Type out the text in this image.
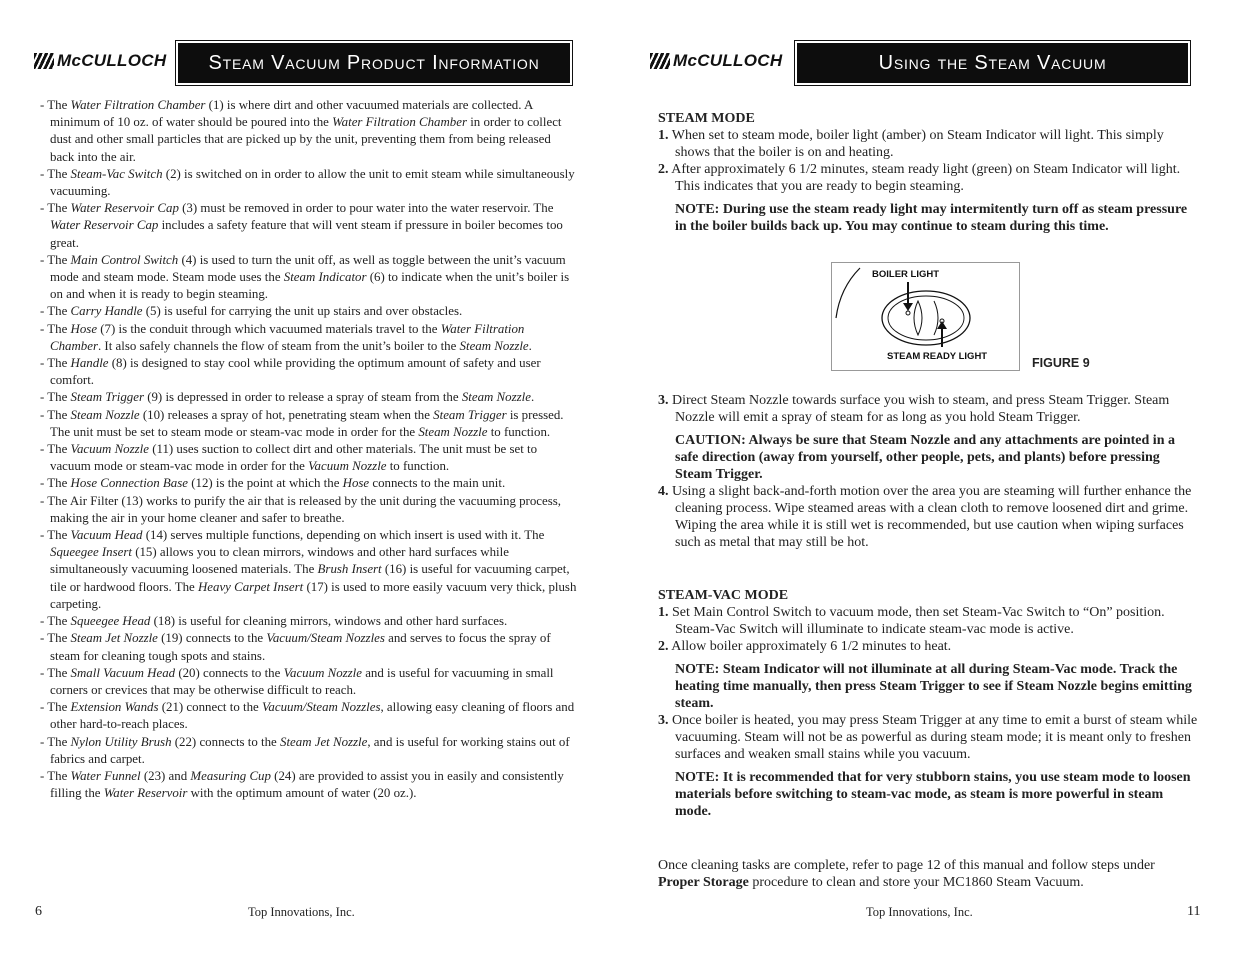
McCULLOCH	Steam Vacuum Product Information
- The Water Filtration Chamber (1) is where dirt and other vacuumed materials are collected. A minimum of 10 oz. of water should be poured into the Water Filtration Chamber in order to collect dust and other small particles that are picked up by the unit, preventing them from being released back into the air.
- The Steam-Vac Switch (2) is switched on in order to allow the unit to emit steam while simultaneously vacuuming.
- The Water Reservoir Cap (3) must be removed in order to pour water into the water reservoir. The Water Reservoir Cap includes a safety feature that will vent steam if pressure in boiler becomes too great.
- The Main Control Switch (4) is used to turn the unit off, as well as toggle between the unit’s vacuum mode and steam mode. Steam mode uses the Steam Indicator (6) to indicate when the unit’s boiler is on and when it is ready to begin steaming.
- The Carry Handle (5) is useful for carrying the unit up stairs and over obstacles.
- The Hose (7) is the conduit through which vacuumed materials travel to the Water Filtration Chamber. It also safely channels the flow of steam from the unit’s boiler to the Steam Nozzle.
- The Handle (8) is designed to stay cool while providing the optimum amount of safety and user comfort.
- The Steam Trigger (9) is depressed in order to release a spray of steam from the Steam Nozzle.
- The Steam Nozzle (10) releases a spray of hot, penetrating steam when the Steam Trigger is pressed. The unit must be set to steam mode or steam-vac mode in order for the Steam Nozzle to function.
- The Vacuum Nozzle (11) uses suction to collect dirt and other materials. The unit must be set to vacuum mode or steam-vac mode in order for the Vacuum Nozzle to function.
- The Hose Connection Base (12) is the point at which the Hose connects to the main unit.
- The Air Filter (13) works to purify the air that is released by the unit during the vacuuming process, making the air in your home cleaner and safer to breathe.
- The Vacuum Head (14) serves multiple functions, depending on which insert is used with it. The Squeegee Insert (15) allows you to clean mirrors, windows and other hard surfaces while simultaneously vacuuming loosened materials. The Brush Insert (16) is useful for vacuuming carpet, tile or hardwood floors. The Heavy Carpet Insert (17) is used to more easily vacuum very thick, plush carpeting.
- The Squeegee Head (18) is useful for cleaning mirrors, windows and other hard surfaces.
- The Steam Jet Nozzle (19) connects to the Vacuum/Steam Nozzles and serves to focus the spray of steam for cleaning tough spots and stains.
- The Small Vacuum Head (20) connects to the Vacuum Nozzle and is useful for vacuuming in small corners or crevices that may be otherwise difficult to reach.
- The Extension Wands (21) connect to the Vacuum/Steam Nozzles, allowing easy cleaning of floors and other hard-to-reach places.
- The Nylon Utility Brush (22) connects to the Steam Jet Nozzle, and is useful for working stains out of fabrics and carpet.
- The Water Funnel (23) and Measuring Cup (24) are provided to assist you in easily and consistently filling the Water Reservoir with the optimum amount of water (20 oz.).
6	Top Innovations, Inc.
McCULLOCH	Using the Steam Vacuum
STEAM MODE
1. When set to steam mode, boiler light (amber) on Steam Indicator will light. This simply shows that the boiler is on and heating.
2. After approximately 6 1/2 minutes, steam ready light (green) on Steam Indicator will light. This indicates that you are ready to begin steaming.
NOTE: During use the steam ready light may intermitently turn off as steam pressure in the boiler builds back up. You may continue to steam during this time.
BOILER LIGHT
STEAM READY LIGHT	FIGURE 9
3. Direct Steam Nozzle towards surface you wish to steam, and press Steam Trigger. Steam Nozzle will emit a spray of steam for as long as you hold Steam Trigger.
CAUTION: Always be sure that Steam Nozzle and any attachments are pointed in a safe direction (away from yourself, other people, pets, and plants) before pressing Steam Trigger.
4. Using a slight back-and-forth motion over the area you are steaming will further enhance the cleaning process. Wipe steamed areas with a clean cloth to remove loosened dirt and grime. Wiping the area while it is still wet is recommended, but use caution when wiping surfaces such as metal that may still be hot.
STEAM-VAC MODE
1. Set Main Control Switch to vacuum mode, then set Steam-Vac Switch to “On” position. Steam-Vac Switch will illuminate to indicate steam-vac mode is active.
2. Allow boiler approximately 6 1/2 minutes to heat.
NOTE: Steam Indicator will not illuminate at all during Steam-Vac mode. Track the heating time manually, then press Steam Trigger to see if Steam Nozzle begins emitting steam.
3. Once boiler is heated, you may press Steam Trigger at any time to emit a burst of steam while vacuuming. Steam will not be as powerful as during steam mode; it is meant only to freshen surfaces and weaken small stains while you vacuum.
NOTE: It is recommended that for very stubborn stains, you use steam mode to loosen materials before switching to steam-vac mode, as steam is more powerful in steam mode.
Once cleaning tasks are complete, refer to page 12 of this manual and follow steps under Proper Storage procedure to clean and store your MC1860 Steam Vacuum.
Top Innovations, Inc.	11
